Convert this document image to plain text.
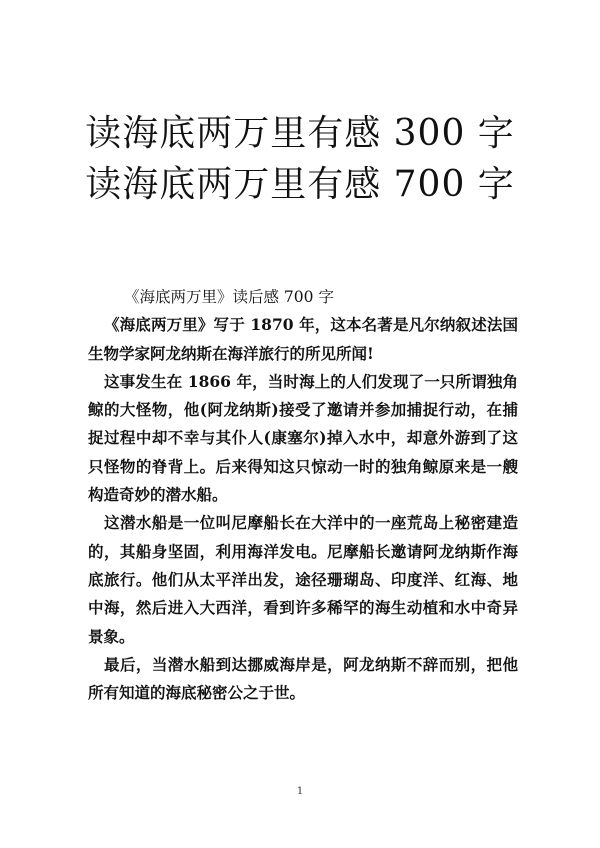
读海底两万里有感 300 字
读海底两万里有感 700 字

《海底两万里》读后感 700 字

《海底两万里》写于 1870 年，这本名著是凡尔纳叙述法国生物学家阿龙纳斯在海洋旅行的所见所闻!

这事发生在 1866 年，当时海上的人们发现了一只所谓独角鲸的大怪物，他(阿龙纳斯)接受了邀请并参加捕捉行动，在捕捉过程中却不幸与其仆人(康塞尔)掉入水中，却意外游到了这只怪物的脊背上。后来得知这只惊动一时的独角鲸原来是一艘构造奇妙的潜水船。

这潜水船是一位叫尼摩船长在大洋中的一座荒岛上秘密建造的，其船身坚固，利用海洋发电。尼摩船长邀请阿龙纳斯作海底旅行。他们从太平洋出发，途径珊瑚岛、印度洋、红海、地中海，然后进入大西洋，看到许多稀罕的海生动植和水中奇异景象。

最后，当潜水船到达挪威海岸是，阿龙纳斯不辞而别，把他所有知道的海底秘密公之于世。

1
